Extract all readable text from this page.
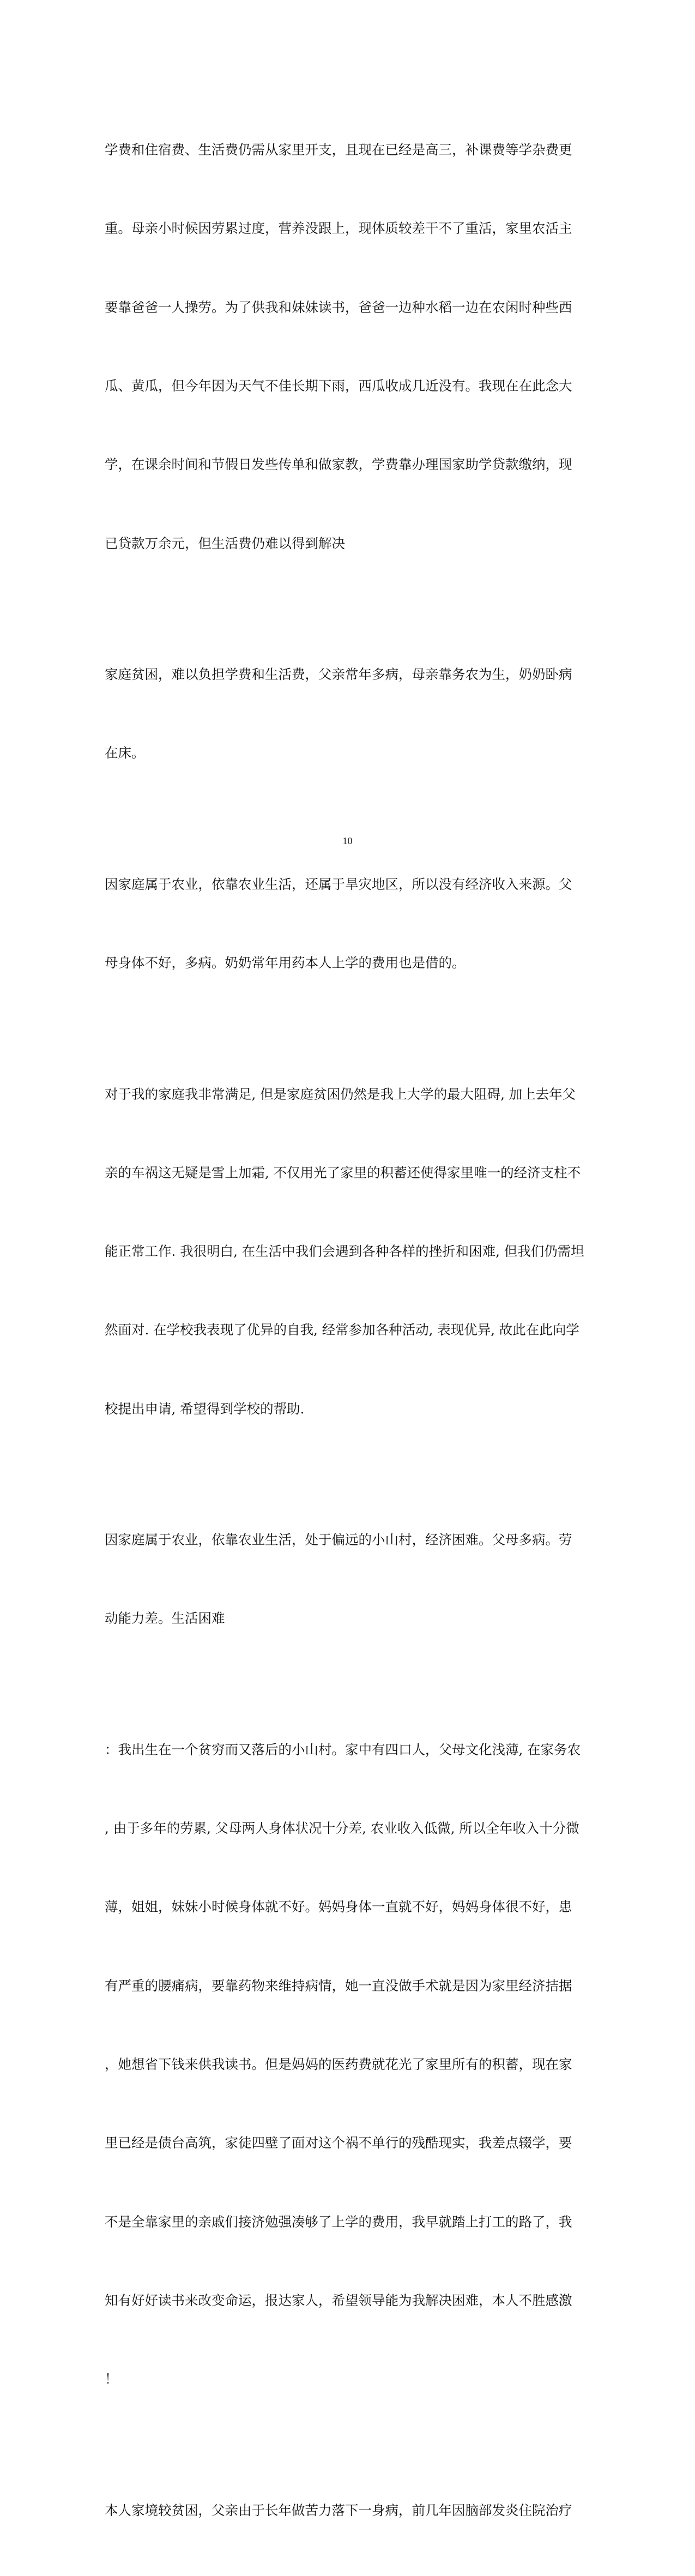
学费和住宿费、生活费仍需从家里开支，且现在已经是高三，补课费等学杂费更

重。母亲小时候因劳累过度，营养没跟上，现体质较差干不了重活，家里农活主

要靠爸爸一人操劳。为了供我和妹妹读书，爸爸一边种水稻一边在农闲时种些西

瓜、黄瓜，但今年因为天气不佳长期下雨，西瓜收成几近没有。我现在在此念大

学，在课余时间和节假日发些传单和做家教，学费靠办理国家助学贷款缴纳，现

已贷款万余元，但生活费仍难以得到解决

家庭贫困，难以负担学费和生活费，父亲常年多病，母亲靠务农为生，奶奶卧病

在床。

因家庭属于农业，依靠农业生活，还属于旱灾地区，所以没有经济收入来源。父

母身体不好，多病。奶奶常年用药本人上学的费用也是借的。

对于我的家庭我非常满足, 但是家庭贫困仍然是我上大学的最大阻碍, 加上去年父

亲的车祸这无疑是雪上加霜, 不仅用光了家里的积蓄还使得家里唯一的经济支柱不

能正常工作. 我很明白, 在生活中我们会遇到各种各样的挫折和困难, 但我们仍需坦

然面对. 在学校我表现了优异的自我, 经常参加各种活动, 表现优异, 故此在此向学

校提出申请, 希望得到学校的帮助.

因家庭属于农业，依靠农业生活，处于偏远的小山村，经济困难。父母多病。劳

动能力差。生活困难

：我出生在一个贫穷而又落后的小山村。家中有四口人，父母文化浅薄, 在家务农

, 由于多年的劳累, 父母两人身体状况十分差, 农业收入低微, 所以全年收入十分微

薄，姐姐，妹妹小时候身体就不好。妈妈身体一直就不好，妈妈身体很不好，患

有严重的腰痛病，要靠药物来维持病情，她一直没做手术就是因为家里经济拮据

，她想省下钱来供我读书。但是妈妈的医药费就花光了家里所有的积蓄，现在家

里已经是债台高筑，家徒四壁了面对这个祸不单行的残酷现实，我差点辍学，要

不是全靠家里的亲戚们接济勉强凑够了上学的费用，我早就踏上打工的路了，我

知有好好读书来改变命运，报达家人，希望领导能为我解决困难，本人不胜感激

！

本人家境较贫困，父亲由于长年做苦力落下一身病，前几年因脑部发炎住院治疗

10
